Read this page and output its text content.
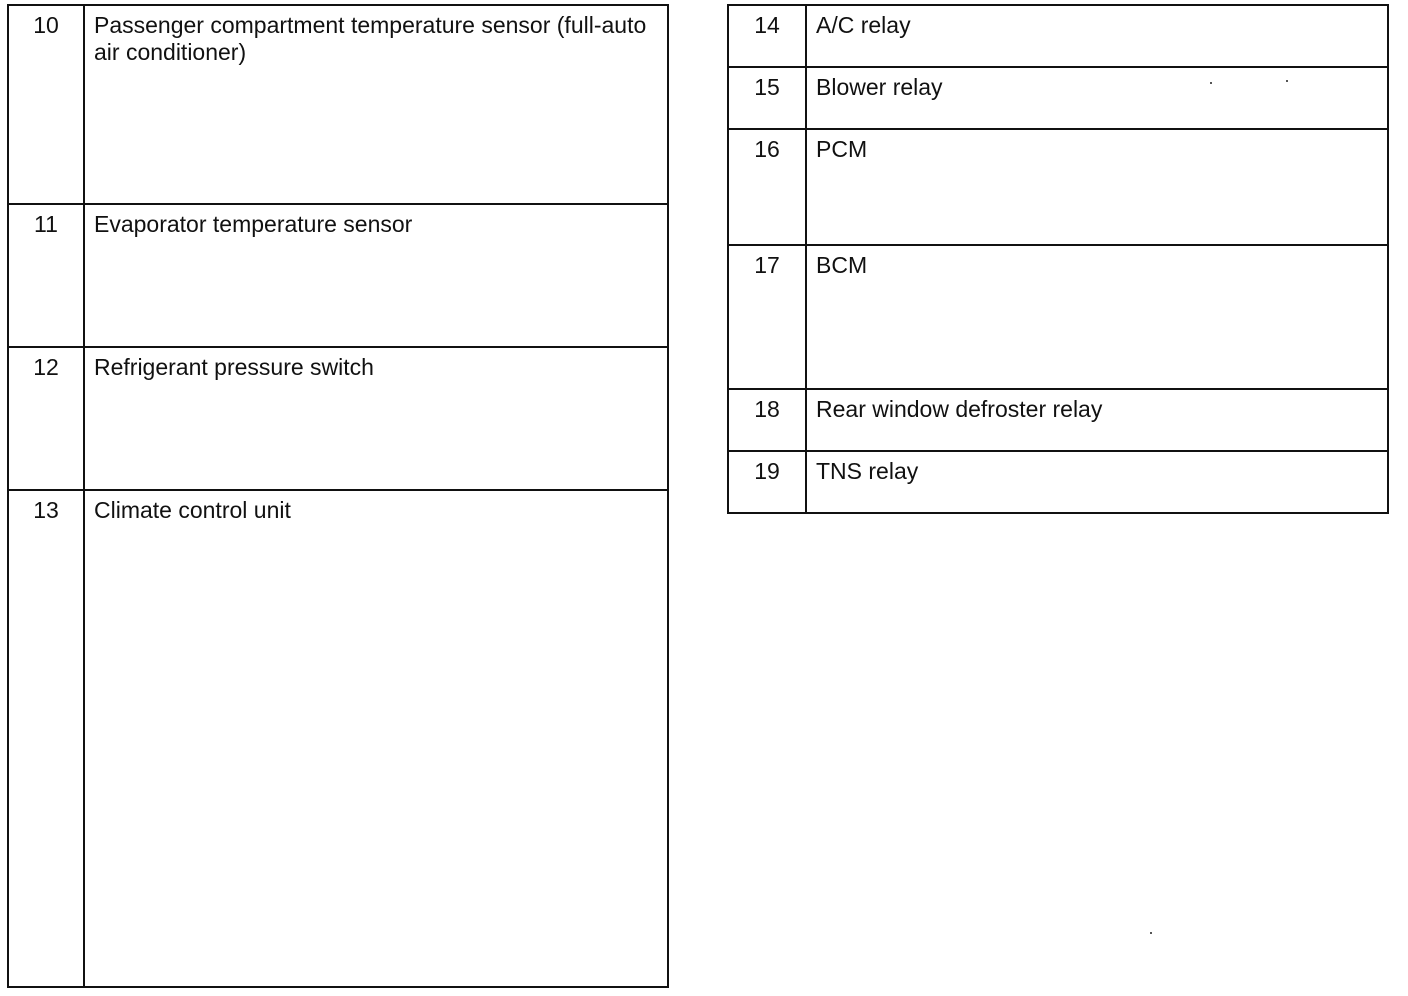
10	Passenger compartment temperature sensor (full-auto air conditioner)
11	Evaporator temperature sensor
12	Refrigerant pressure switch
13	Climate control unit
14	A/C relay
15	Blower relay
16	PCM
17	BCM
18	Rear window defroster relay
19	TNS relay
